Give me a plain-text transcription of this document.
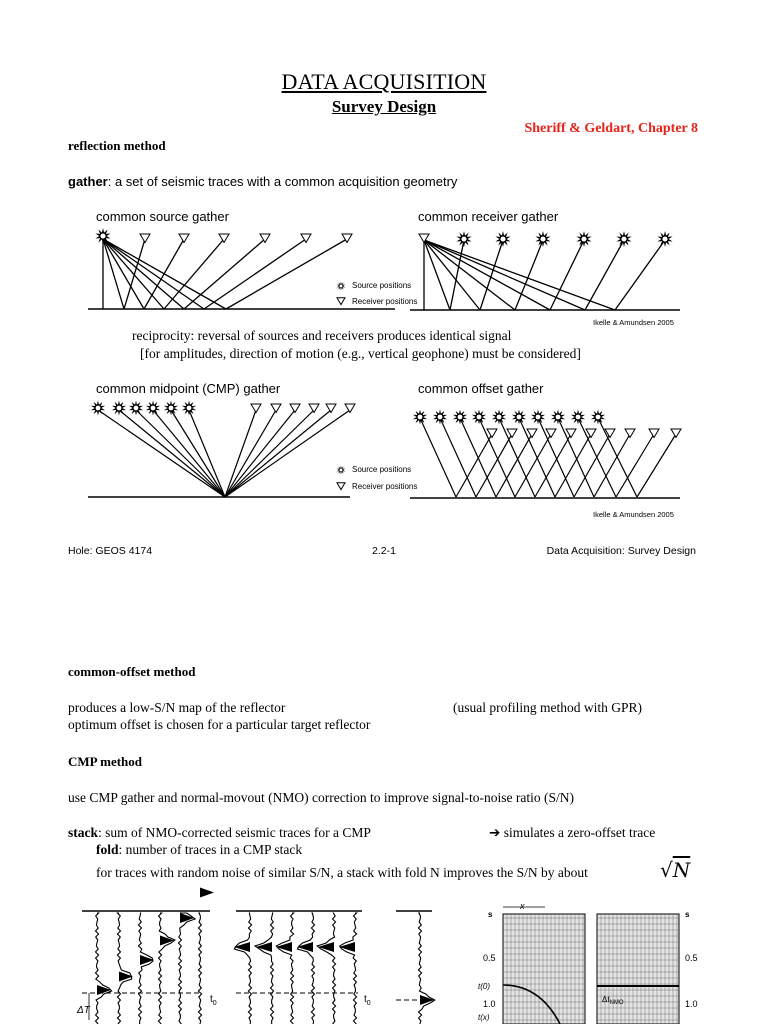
DATA ACQUISITION
Survey Design
Sheriff & Geldart, Chapter 8
reflection method
gather: a set of seismic traces with a common acquisition geometry
common source gather	common receiver gather
Ikelle & Amundsen 2005
Source positions
Receiver positions
reciprocity: reversal of sources and receivers produces identical signal
[for amplitudes, direction of motion (e.g., vertical geophone) must be considered]
common midpoint (CMP) gather	common offset gather
Ikelle & Amundsen 2005
Source positions
Receiver positions
Hole: GEOS 4174	2.2-1	Data Acquisition: Survey Design
common-offset method
produces a low-S/N map of the reflector	(usual profiling method with GPR)
optimum offset is chosen for a particular target reflector
CMP method
use CMP gather and normal-movout (NMO) correction to improve signal-to-noise ratio (S/N)
stack: sum of NMO-corrected seismic traces for a CMP	➔ simulates a zero-offset trace
fold: number of traces in a CMP stack
for traces with random noise of similar S/N, a stack with fold N improves the S/N by about	√N
$t_0$	$t_0$
ΔT
x
s	s
0.5
1.0
0.5
1.0
t(0)
t(x)
$\Delta t_{NMO}$
